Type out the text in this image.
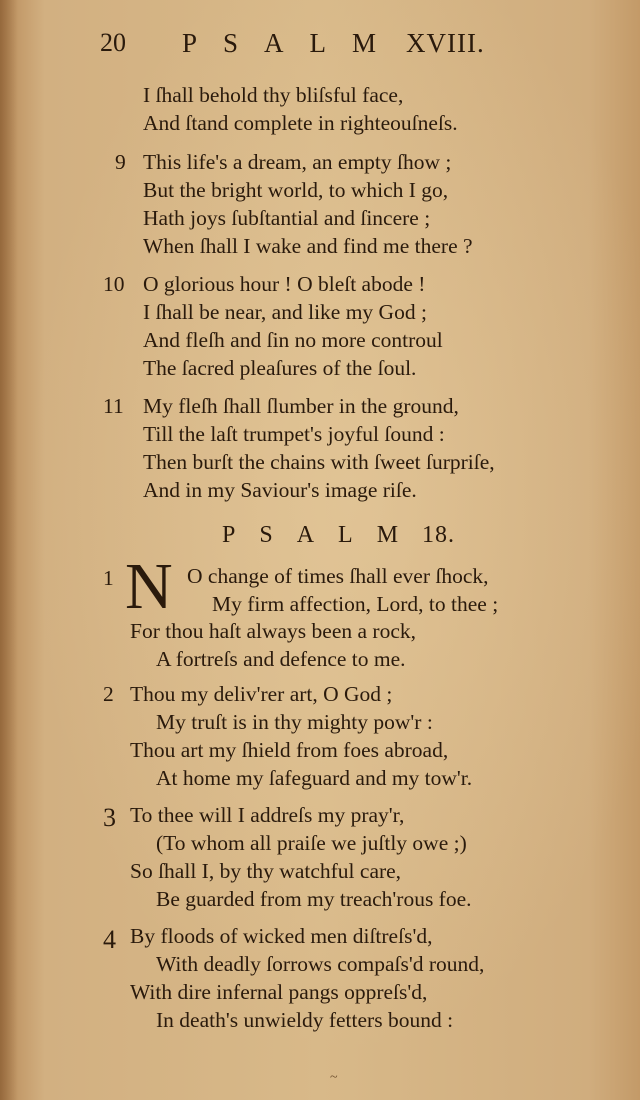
20 PSALM XVIII.
I ſhall behold thy bliſsful face,
And ſtand complete in righteouſneſs.
9 This life's a dream, an empty ſhow ;
But the bright world, to which I go,
Hath joys ſubſtantial and ſincere ;
When ſhall I wake and find me there ?
10 O glorious hour ! O bleſt abode !
I ſhall be near, and like my God ;
And fleſh and ſin no more controul
The ſacred pleaſures of the ſoul.
11 My fleſh ſhall ſlumber in the ground,
Till the laſt trumpet's joyful ſound :
Then burſt the chains with ſweet ſurpriſe,
And in my Saviour's image riſe.
PSALM18.
1 N O change of times ſhall ever ſhock,
My firm affection, Lord, to thee ;
For thou haſt always been a rock,
A fortreſs and defence to me.
2 Thou my deliv'rer art, O God ;
My truſt is in thy mighty pow'r :
Thou art my ſhield from foes abroad,
At home my ſafeguard and my tow'r.
3 To thee will I addreſs my pray'r,
(To whom all praiſe we juſtly owe ;)
So ſhall I, by thy watchful care,
Be guarded from my treach'rous foe.
4 By floods of wicked men diſtreſs'd,
With deadly ſorrows compaſs'd round,
With dire infernal pangs oppreſs'd,
In death's unwieldy fetters bound :
~
